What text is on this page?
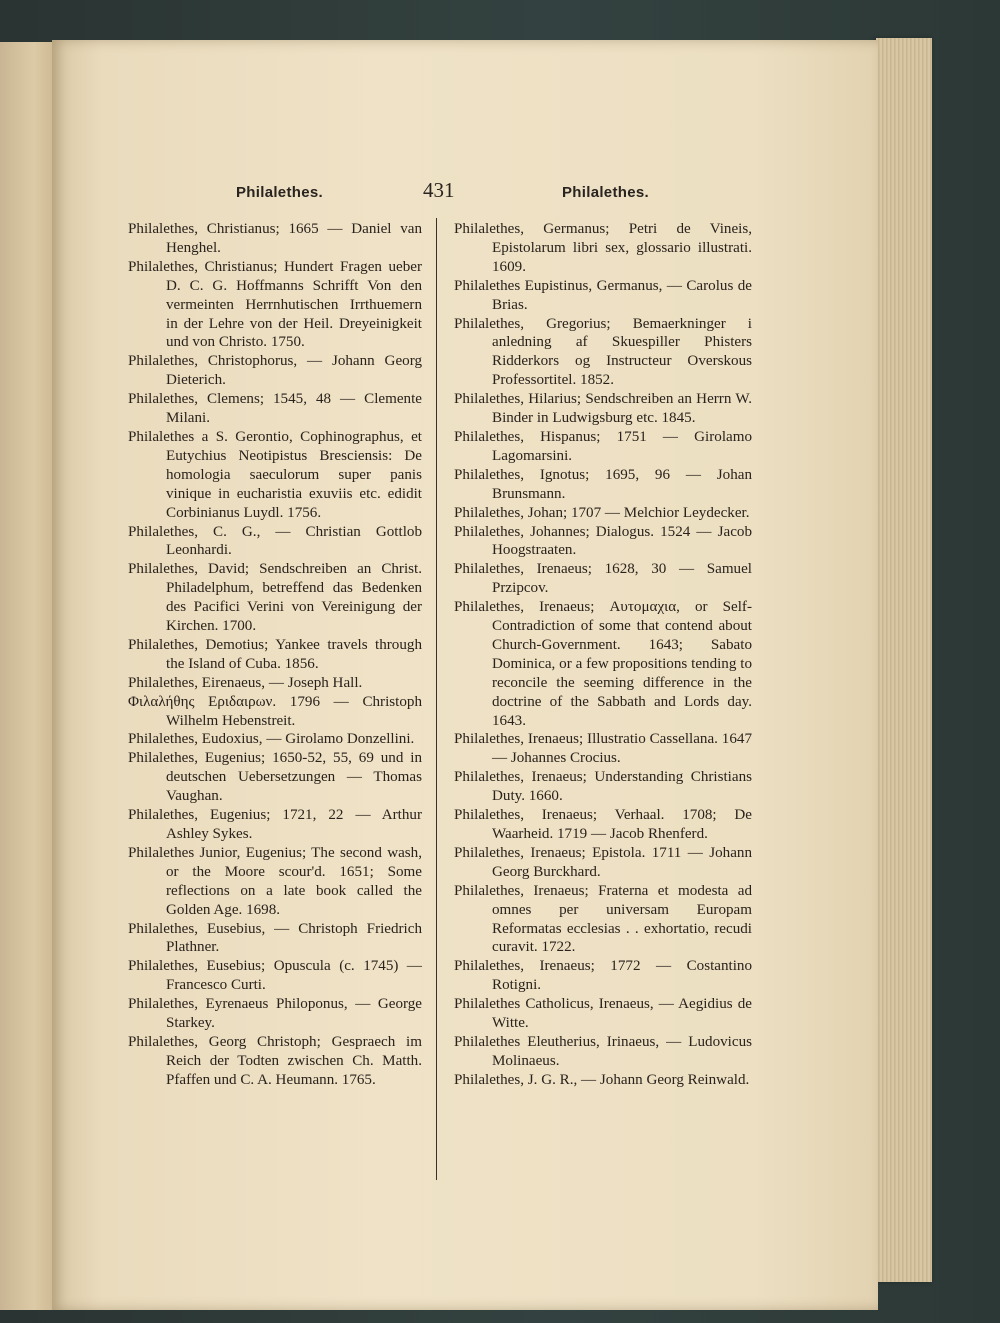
Philalethes.	431	Philalethes.

Philalethes, Christianus; 1665 — Daniel van Henghel.

Philalethes, Christianus; Hundert Fragen ueber D. C. G. Hoffmanns Schrifft Von den vermeinten Herrnhutischen Irrthuemern in der Lehre von der Heil. Dreyeinigkeit und von Christo. 1750.

Philalethes, Christophorus, — Johann Georg Dieterich.

Philalethes, Clemens; 1545, 48 — Clemente Milani.

Philalethes a S. Gerontio, Cophinographus, et Eutychius Neotipistus Bresciensis: De homologia saeculorum super panis vinique in eucharistia exuviis etc. edidit Corbinianus Luydl. 1756.

Philalethes, C. G., — Christian Gottlob Leonhardi.

Philalethes, David; Sendschreiben an Christ. Philadelphum, betreffend das Bedenken des Pacifici Verini von Vereinigung der Kirchen. 1700.

Philalethes, Demotius; Yankee travels through the Island of Cuba. 1856.

Philalethes, Eirenaeus, — Joseph Hall.

Φιλαλήθης Εριδαιρων. 1796 — Christoph Wilhelm Hebenstreit.

Philalethes, Eudoxius, — Girolamo Donzellini.

Philalethes, Eugenius; 1650-52, 55, 69 und in deutschen Uebersetzungen — Thomas Vaughan.

Philalethes, Eugenius; 1721, 22 — Arthur Ashley Sykes.

Philalethes Junior, Eugenius; The second wash, or the Moore scour'd. 1651; Some reflections on a late book called the Golden Age. 1698.

Philalethes, Eusebius, — Christoph Friedrich Plathner.

Philalethes, Eusebius; Opuscula (c. 1745) — Francesco Curti.

Philalethes, Eyrenaeus Philoponus, — George Starkey.

Philalethes, Georg Christoph; Gespraech im Reich der Todten zwischen Ch. Matth. Pfaffen und C. A. Heumann. 1765.

Philalethes, Germanus; Petri de Vineis, Epistolarum libri sex, glossario illustrati. 1609.

Philalethes Eupistinus, Germanus, — Carolus de Brias.

Philalethes, Gregorius; Bemaerkninger i anledning af Skuespiller Phisters Ridderkors og Instructeur Overskous Professortitel. 1852.

Philalethes, Hilarius; Sendschreiben an Herrn W. Binder in Ludwigsburg etc. 1845.

Philalethes, Hispanus; 1751 — Girolamo Lagomarsini.

Philalethes, Ignotus; 1695, 96 — Johan Brunsmann.

Philalethes, Johan; 1707 — Melchior Leydecker.

Philalethes, Johannes; Dialogus. 1524 — Jacob Hoogstraaten.

Philalethes, Irenaeus; 1628, 30 — Samuel Przipcov.

Philalethes, Irenaeus; Αυτομαχια, or Self-Contradiction of some that contend about Church-Government. 1643; Sabato Dominica, or a few propositions tending to reconcile the seeming difference in the doctrine of the Sabbath and Lords day. 1643.

Philalethes, Irenaeus; Illustratio Cassellana. 1647 — Johannes Crocius.

Philalethes, Irenaeus; Understanding Christians Duty. 1660.

Philalethes, Irenaeus; Verhaal. 1708; De Waarheid. 1719 — Jacob Rhenferd.

Philalethes, Irenaeus; Epistola. 1711 — Johann Georg Burckhard.

Philalethes, Irenaeus; Fraterna et modesta ad omnes per universam Europam Reformatas ecclesias . . exhortatio, recudi curavit. 1722.

Philalethes, Irenaeus; 1772 — Costantino Rotigni.

Philalethes Catholicus, Irenaeus, — Aegidius de Witte.

Philalethes Eleutherius, Irinaeus, — Ludovicus Molinaeus.

Philalethes, J. G. R., — Johann Georg Reinwald.
